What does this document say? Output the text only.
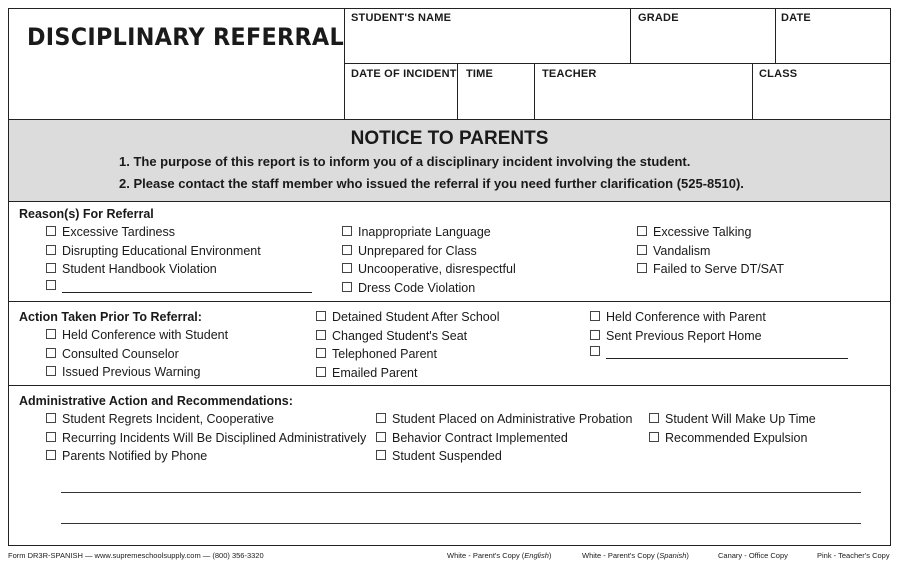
DISCIPLINARY REFERRAL
STUDENT'S NAME	GRADE	DATE
DATE OF INCIDENT TIME	TEACHER	CLASS
NOTICE TO PARENTS
1. The purpose of this report is to inform you of a disciplinary incident involving the student.
2. Please contact the staff member who issued the referral if you need further clarification (525-8510).
Reason(s) For Referral
Excessive Tardiness
Disrupting Educational Environment
Student Handbook Violation
Inappropriate Language
Unprepared for Class
Uncooperative, disrespectful
Dress Code Violation
Excessive Talking
Vandalism
Failed to Serve DT/SAT
Action Taken Prior To Referral:
Held Conference with Student
Consulted Counselor
Issued Previous Warning
Detained Student After School
Changed Student's Seat
Telephoned Parent
Emailed Parent
Held Conference with Parent
Sent Previous Report Home
Administrative Action and Recommendations:
Student Regrets Incident, Cooperative
Recurring Incidents Will Be Disciplined Administratively
Parents Notified by Phone
Student Placed on Administrative Probation
Behavior Contract Implemented
Student Suspended
Student Will Make Up Time
Recommended Expulsion
Form DR3R-SPANISH — www.supremeschoolsupply.com — (800) 356-3320	White - Parent's Copy (English)	White - Parent's Copy (Spanish)	Canary - Office Copy	Pink - Teacher's Copy
